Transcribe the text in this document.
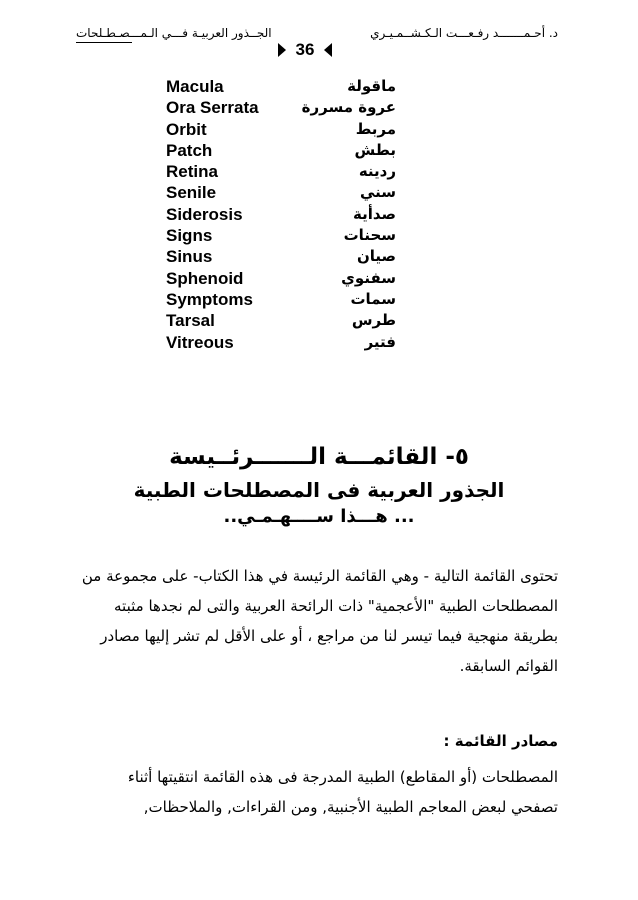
د. أحـمـــــــد رفـعـــت الـكـشــمـيـري
الجــذور العربيـة فـــي الـمـــصـطـلحات
36
Macula	ماقولة
Ora Serrata	عروة مسررة
Orbit	مربط
Patch	بطش
Retina	ردينه
Senile	سني
Siderosis	صدأية
Signs	سحنات
Sinus	صيان
Sphenoid	سفنوي
Symptoms	سمات
Tarsal	طرس
Vitreous	فتير
٥- القائمـــة الـــــــرئــيسة
الجذور العربية فى المصطلحات الطبية
... هـــذا ســــهـمـي..
تحتوى القائمة التالية - وهي القائمة الرئيسة في هذا الكتاب- على مجموعة من
المصطلحات الطبية "الأعجمية" ذات الرائحة العربية والتى لم نجدها مثبته
بطريقة منهجية فيما تيسر لنا من مراجع ، أو على الأقل لم تشر إليها مصادر
القوائم السابقة.
مصادر القائمة :
المصطلحات (أو المقاطع) الطبية المدرجة فى هذه القائمة انتقيتها أثناء
تصفحي لبعض المعاجم الطبية الأجنبية, ومن القراءات, والملاحظات,
